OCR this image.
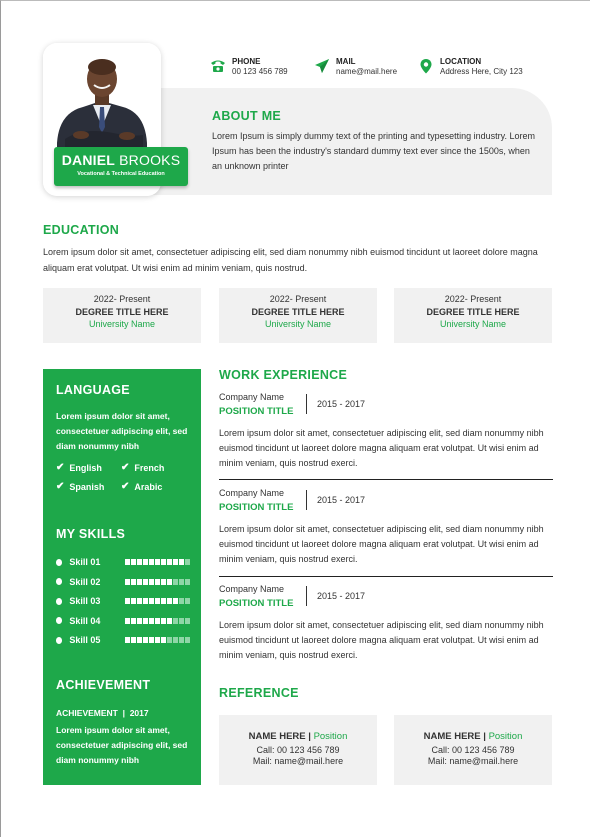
PHONE
00 123 456 789
MAIL
name@mail.here
LOCATION
Address Here, City 123
ABOUT ME
Lorem Ipsum is simply dummy text of the printing and typesetting industry. Lorem Ipsum has been the industry's standard dummy text ever since the 1500s, when an unknown printer
DANIEL BROOKS
Vocational & Technical Education
EDUCATION
Lorem ipsum dolor sit amet, consectetuer adipiscing elit, sed diam nonummy nibh euismod tincidunt ut laoreet dolore magna aliquam erat volutpat. Ut wisi enim ad minim veniam, quis nostrud.
2022- Present
DEGREE TITLE HERE
University Name
2022- Present
DEGREE TITLE HERE
University Name
2022- Present
DEGREE TITLE HERE
University Name
LANGUAGE
Lorem ipsum dolor sit amet, consectetuer adipiscing elit, sed diam nonummy nibh
✔ English ✔ French
✔ Spanish ✔ Arabic
MY SKILLS
Skill 01
Skill 02
Skill 03
Skill 04
Skill 05
ACHIEVEMENT
ACHIEVEMENT  |  2017
Lorem ipsum dolor sit amet, consectetuer adipiscing elit, sed diam nonummy nibh
WORK EXPERIENCE
Company Name
POSITION TITLE
2015 - 2017
Lorem ipsum dolor sit amet, consectetuer adipiscing elit, sed diam nonummy nibh euismod tincidunt ut laoreet dolore magna aliquam erat volutpat. Ut wisi enim ad minim veniam, quis nostrud exerci.
Company Name
POSITION TITLE
2015 - 2017
Lorem ipsum dolor sit amet, consectetuer adipiscing elit, sed diam nonummy nibh euismod tincidunt ut laoreet dolore magna aliquam erat volutpat. Ut wisi enim ad minim veniam, quis nostrud exerci.
Company Name
POSITION TITLE
2015 - 2017
Lorem ipsum dolor sit amet, consectetuer adipiscing elit, sed diam nonummy nibh euismod tincidunt ut laoreet dolore magna aliquam erat volutpat. Ut wisi enim ad minim veniam, quis nostrud exerci.
REFERENCE
NAME HERE | Position
Call: 00 123 456 789
Mail: name@mail.here
NAME HERE | Position
Call: 00 123 456 789
Mail: name@mail.here
